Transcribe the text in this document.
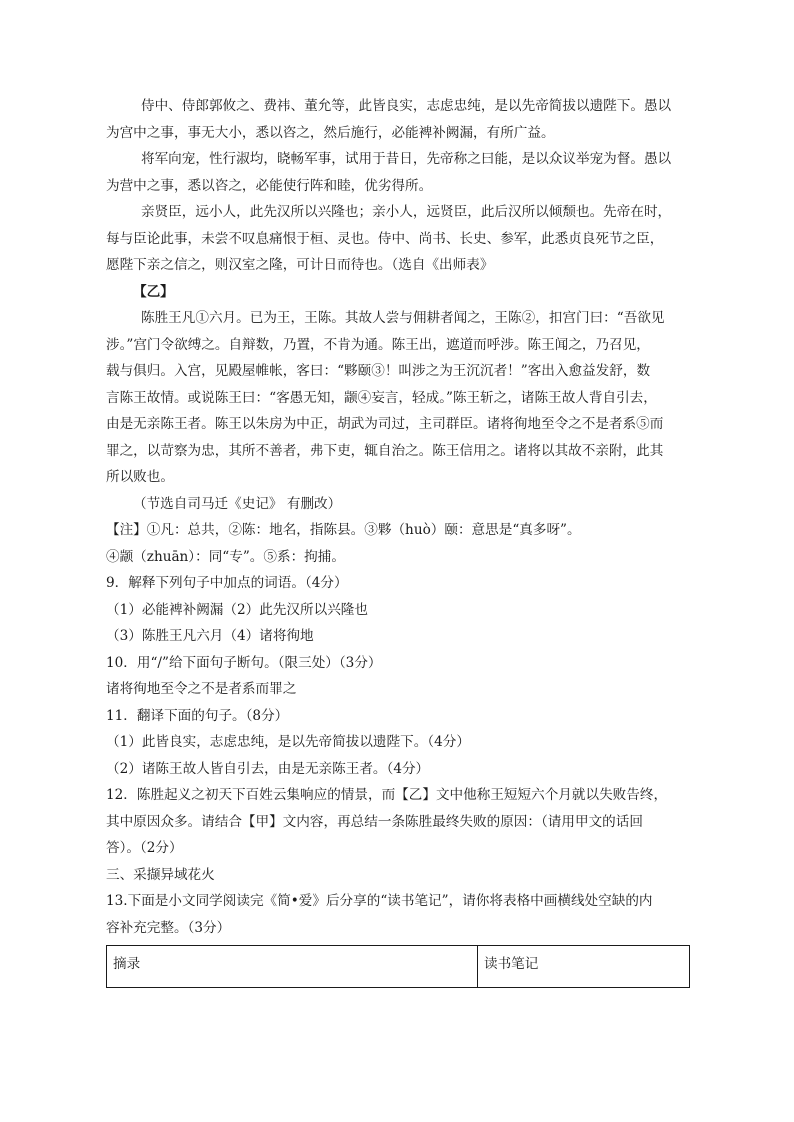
侍中、侍郎郭攸之、费祎、董允等，此皆良实，志虑忠纯，是以先帝简拔以遗陛下。愚以
为宫中之事，事无大小，悉以咨之，然后施行，必能裨补阙漏，有所广益。
将军向宠，性行淑均，晓畅军事，试用于昔日，先帝称之曰能，是以众议举宠为督。愚以
为营中之事，悉以咨之，必能使行阵和睦，优劣得所。
亲贤臣，远小人，此先汉所以兴隆也；亲小人，远贤臣，此后汉所以倾颓也。先帝在时，
每与臣论此事，未尝不叹息痛恨于桓、灵也。侍中、尚书、长史、参军，此悉贞良死节之臣，
愿陛下亲之信之，则汉室之隆，可计日而待也。（选自《出师表》
【乙】
陈胜王凡①六月。已为王，王陈。其故人尝与佣耕者闻之，王陈②，扣宫门曰：“吾欲见
涉。”宫门令欲缚之。自辩数，乃置，不肯为通。陈王出，遮道而呼涉。陈王闻之，乃召见，
载与俱归。入宫，见殿屋帷帐，客曰：“夥颐③！叫涉之为王沉沉者！”客出入愈益发舒，数
言陈王故情。或说陈王曰：“客愚无知，颛④妄言，轻成。”陈王斩之，诸陈王故人背自引去，
由是无亲陈王者。陈王以朱房为中正，胡武为司过，主司群臣。诸将徇地至令之不是者系⑤而
罪之，以苛察为忠，其所不善者，弗下吏，辄自治之。陈王信用之。诸将以其故不亲附，此其
所以败也。
（节选自司马迁《史记》 有删改）
【注】①凡：总共，②陈：地名，指陈县。③夥（huò）颐：意思是“真多呀”。
④颛（zhuān）：同“专”。⑤系：拘捕。
9．解释下列句子中加点的词语。（4分）
（1）必能裨补阙漏（2）此先汉所以兴隆也
（3）陈胜王凡六月（4）诸将徇地
10．用“/”给下面句子断句。（限三处）（3分）
诸将徇地至令之不是者系而罪之
11．翻译下面的句子。（8分）
（1）此皆良实，志虑忠纯，是以先帝简拔以遗陛下。（4分）
（2）诸陈王故人皆自引去，由是无亲陈王者。（4分）
12．陈胜起义之初天下百姓云集响应的情景，而【乙】文中他称王短短六个月就以失败告终，
其中原因众多。请结合【甲】文内容，再总结一条陈胜最终失败的原因：（请用甲文的话回
答）。（2分）
三、采撷异域花火
13.下面是小文同学阅读完《简•爱》后分享的“读书笔记”，请你将表格中画横线处空缺的内
容补充完整。（3分）
摘录	读书笔记
